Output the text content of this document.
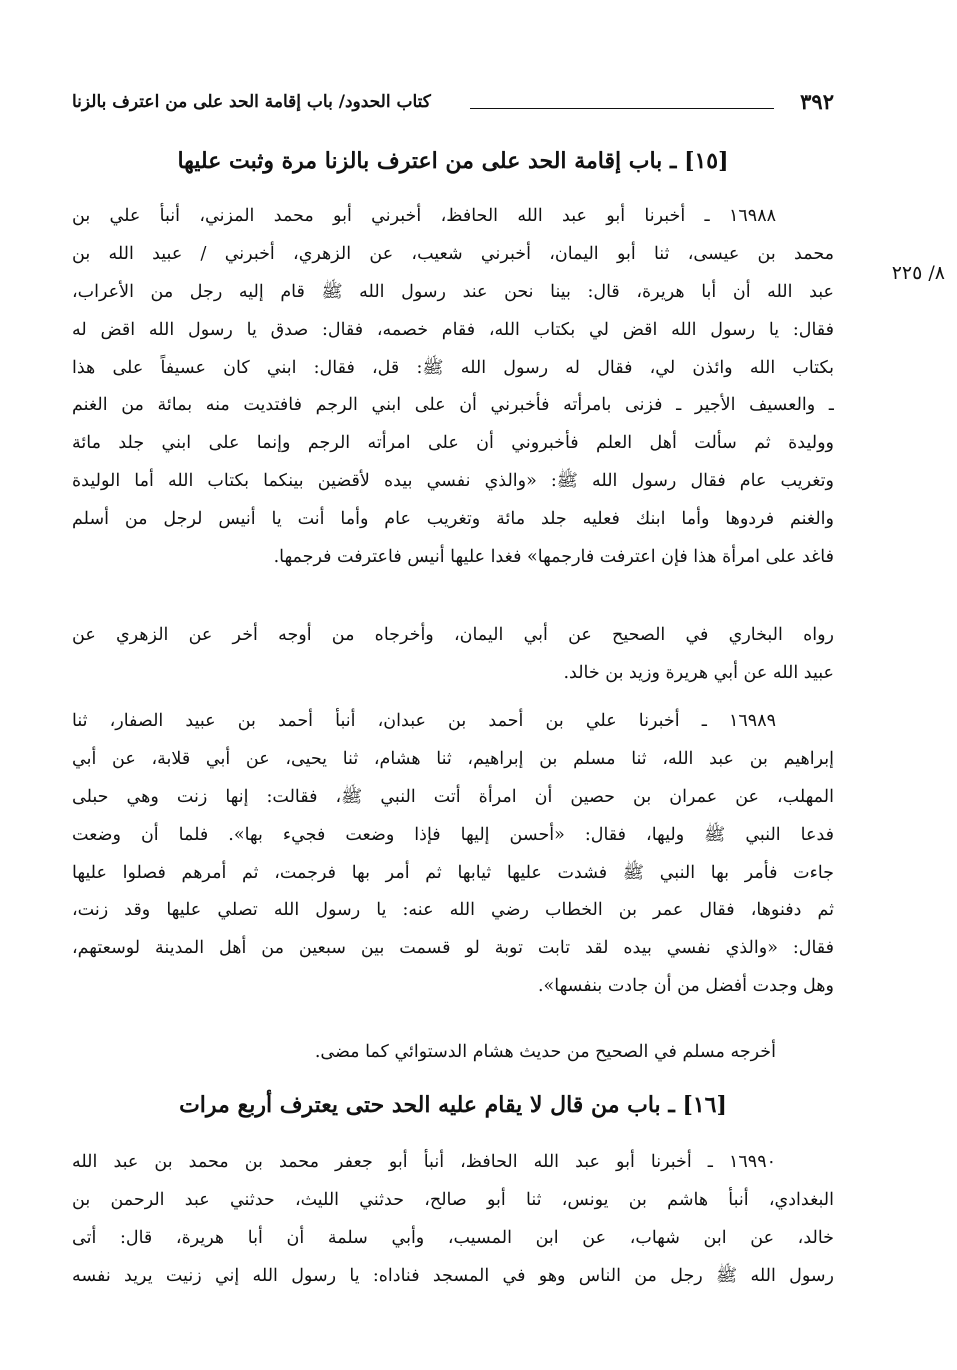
٣٩٢
كتاب الحدود/ باب إقامة الحد على من اعترف بالزنا
٨/ ٢٢٥
[١٥] ـ باب إقامة الحد على من اعترف بالزنا مرة وثبت عليها
١٦٩٨٨ ـ أخبرنا أبو عبد الله الحافظ، أخبرني أبو محمد المزني، أنبأ علي بن
محمد بن عيسى، ثنا أبو اليمان، أخبرني شعيب، عن الزهري، أخبرني / عبيد الله بن
عبد الله أن أبا هريرة، قال: بينا نحن عند رسول الله ﷺ قام إليه رجل من الأعراب،
فقال: يا رسول الله اقض لي بكتاب الله، فقام خصمه، فقال: صدق يا رسول الله اقض له
بكتاب الله وائذن لي، فقال له رسول الله ﷺ: قل، فقال: ابني كان عسيفاً على هذا
ـ والعسيف الأجير ـ فزنى بامرأته فأخبرني أن على ابني الرجم فافتديت منه بمائة من الغنم
ووليدة ثم سألت أهل العلم فأخبروني أن على امرأته الرجم وإنما على ابني جلد مائة
وتغريب عام فقال رسول الله ﷺ: «والذي نفسي بيده لأقضين بينكما بكتاب الله أما الوليدة
والغنم فردوها وأما ابنك فعليه جلد مائة وتغريب عام وأما أنت يا أنيس لرجل من أسلم
فاغد على امرأة هذا فإن اعترفت فارجمها» فغدا عليها أنيس فاعترفت فرجمها.
رواه البخاري في الصحيح عن أبي اليمان، وأخرجاه من أوجه أخر عن الزهري عن
عبيد الله عن أبي هريرة وزيد بن خالد.
١٦٩٨٩ ـ أخبرنا علي بن أحمد بن عبدان، أنبأ أحمد بن عبيد الصفار، ثنا
إبراهيم بن عبد الله، ثنا مسلم بن إبراهيم، ثنا هشام، ثنا يحيى، عن أبي قلابة، عن أبي
المهلب، عن عمران بن حصين أن امرأة أتت النبي ﷺ، فقالت: إنها زنت وهي حبلى
فدعا النبي ﷺ وليها، فقال: «أحسن إليها فإذا وضعت فجيء بها». فلما أن وضعت
جاءت فأمر بها النبي ﷺ فشدت عليها ثيابها ثم أمر بها فرجمت، ثم أمرهم فصلوا عليها
ثم دفنوها، فقال عمر بن الخطاب رضي الله عنه: يا رسول الله تصلي عليها وقد زنت،
فقال: «والذي نفسي بيده لقد تابت توبة لو قسمت بين سبعين من أهل المدينة لوسعتهم،
وهل وجدت أفضل من أن جادت بنفسها».
أخرجه مسلم في الصحيح من حديث هشام الدستوائي كما مضى.
[١٦] ـ باب من قال لا يقام عليه الحد حتى يعترف أربع مرات
١٦٩٩٠ ـ أخبرنا أبو عبد الله الحافظ، أنبأ أبو جعفر محمد بن محمد بن عبد الله
البغدادي، أنبأ هاشم بن يونس، ثنا أبو صالح، حدثني الليث، حدثني عبد الرحمن بن
خالد، عن ابن شهاب، عن ابن المسيب، وأبي سلمة أن أبا هريرة، قال: أتى
رسول الله ﷺ رجل من الناس وهو في المسجد فناداه: يا رسول الله إني زنيت يريد نفسه
